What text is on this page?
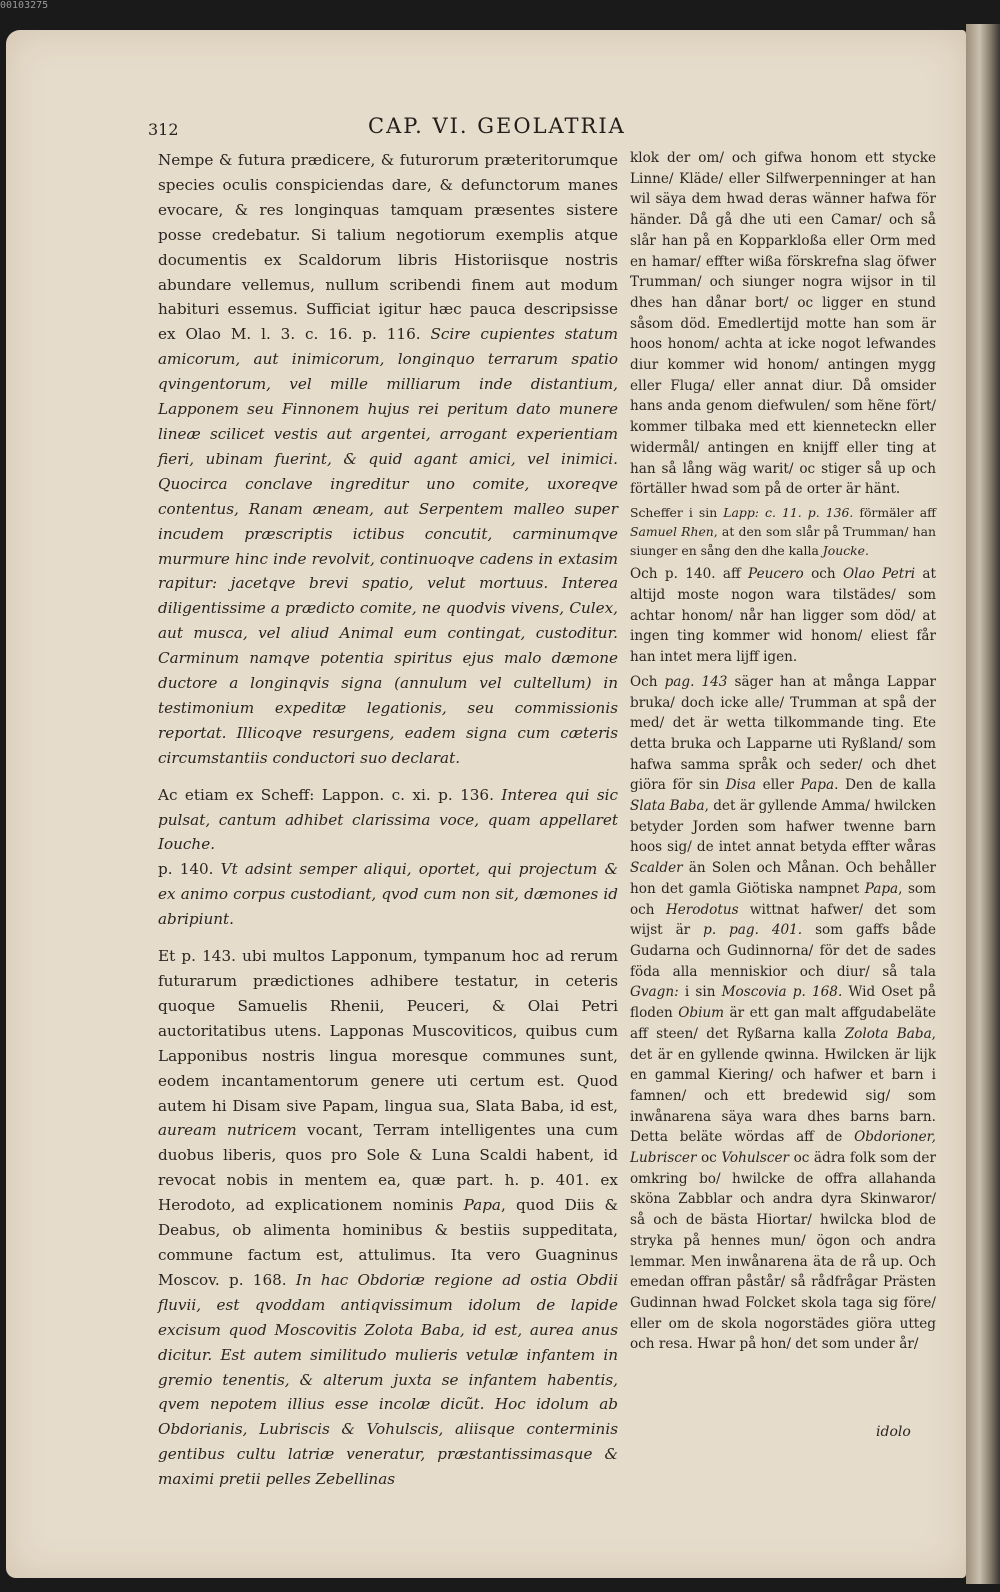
00103275
312	CAP. VI. GEOLATRIA

Nempe & futura prædicere, & futurorum præteritorumque species oculis conspiciendas dare, & defunctorum manes evocare, & res longinquas tamquam præsentes sistere posse credebatur. Si talium negotiorum exemplis atque documentis ex Scaldorum libris Historiisque nostris abundare vellemus, nullum scribendi finem aut modum habituri essemus. Sufficiat igitur hæc pauca descripsisse ex Olao M. l. 3. c. 16. p. 116. Scire cupientes statum amicorum, aut inimicorum, longinquo terrarum spatio qvingentorum, vel mille milliarum inde distantium, Lapponem seu Finnonem hujus rei peritum dato munere lineæ scilicet vestis aut argentei, arrogant experientiam fieri, ubinam fuerint, & quid agant amici, vel inimici. Quocirca conclave ingreditur uno comite, uxoreqve contentus, Ranam æneam, aut Serpentem malleo super incudem præscriptis ictibus concutit, carminumqve murmure hinc inde revolvit, continuoqve cadens in extasim rapitur: jacetqve brevi spatio, velut mortuus. Interea diligentissime a prædicto comite, ne quodvis vivens, Culex, aut musca, vel aliud Animal eum contingat, custoditur. Carminum namqve potentia spiritus ejus malo dæmone ductore a longinqvis signa (annulum vel cultellum) in testimonium expeditæ legationis, seu commissionis reportat. Illicoqve resurgens, eadem signa cum cæteris circumstantiis conductori suo declarat.

Ac etiam ex Scheff: Lappon. c. xi. p. 136. Interea qui sic pulsat, cantum adhibet clarissima voce, quam appellaret Iouche.

p. 140. Vt adsint semper aliqui, oportet, qui projectum & ex animo corpus custodiant, qvod cum non sit, dæmones id abripiunt.

Et p. 143. ubi multos Lapponum, tympanum hoc ad rerum futurarum prædictiones adhibere testatur, in ceteris quoque Samuelis Rhenii, Peuceri, & Olai Petri auctoritatibus utens. Lapponas Muscoviticos, quibus cum Lapponibus nostris lingua moresque communes sunt, eodem incantamentorum genere uti certum est. Quod autem hi Disam sive Papam, lingua sua, Slata Baba, id est, auream nutricem vocant, Terram intelligentes una cum duobus liberis, quos pro Sole & Luna Scaldi habent, id revocat nobis in mentem ea, quæ part. h. p. 401. ex Herodoto, ad explicationem nominis Papa, quod Diis & Deabus, ob alimenta hominibus & bestiis suppeditata, commune factum est, attulimus. Ita vero Guagninus Moscov. p. 168. In hac Obdoriæ regione ad ostia Obdii fluvii, est qvoddam antiqvissimum idolum de lapide excisum quod Moscovitis Zolota Baba, id est, aurea anus dicitur. Est autem similitudo mulieris vetulæ infantem in gremio tenentis, & alterum juxta se infantem habentis, qvem nepotem illius esse incolæ dicũt. Hoc idolum ab Obdorianis, Lubriscis & Vohulscis, aliisque conterminis gentibus cultu latriæ veneratur, præstantissimasque & maximi pretii pelles Zebellinas

klok der om/ och gifwa honom ett stycke Linne/ Kläde/ eller Silfwerpenninger at han wil säya dem hwad deras wänner hafwa för händer. Då gå dhe uti een Camar/ och så slår han på en Kopparkloßa eller Orm med en hamar/ effter wißa förskrefna slag öfwer Trumman/ och siunger nogra wijsor in til dhes han dånar bort/ oc ligger en stund såsom död. Emedlertijd motte han som är hoos honom/ achta at icke nogot lefwandes diur kommer wid honom/ antingen mygg eller Fluga/ eller annat diur. Då omsider hans anda genom diefwulen/ som hẽne fört/ kommer tilbaka med ett kienneteckn eller widermål/ antingen en knijff eller ting at han så lång wäg warit/ oc stiger så up och förtäller hwad som på de orter är hänt.

Scheffer i sin Lapp: c. 11. p. 136. förmäler aff Samuel Rhen, at den som slår på Trumman/ han siunger en sång den dhe kalla Joucke.

Och p. 140. aff Peucero och Olao Petri at altijd moste nogon wara tilstädes/ som achtar honom/ når han ligger som död/ at ingen ting kommer wid honom/ eliest får han intet mera lijff igen.

Och pag. 143 säger han at många Lappar bruka/ doch icke alle/ Trumman at spå der med/ det är wetta tilkommande ting. Ete detta bruka och Lapparne uti Ryßland/ som hafwa samma språk och seder/ och dhet giöra för sin Disa eller Papa. Den de kalla Slata Baba, det är gyllende Amma/ hwilcken betyder Jorden som hafwer twenne barn hoos sig/ de intet annat betyda effter wåras Scalder än Solen och Månan. Och behåller hon det gamla Giötiska nampnet Papa, som och Herodotus wittnat hafwer/ det som wijst är p. pag. 401. som gaffs både Gudarna och Gudinnorna/ för det de sades föda alla menniskior och diur/ så tala Gvagn: i sin Moscovia p. 168. Wid Oset på floden Obium är ett gan malt affgudabeläte aff steen/ det Ryßarna kalla Zolota Baba, det är en gyllende qwinna. Hwilcken är lijk en gammal Kiering/ och hafwer et barn i famnen/ och ett bredewid sig/ som inwånarena säya wara dhes barns barn. Detta beläte wördas aff de Obdorioner, Lubriscer oc Vohulscer oc ädra folk som der omkring bo/ hwilcke de offra allahanda sköna Zabblar och andra dyra Skinwaror/ så och de bästa Hiortar/ hwilcka blod de stryka på hennes mun/ ögon och andra lemmar. Men inwånarena äta de rå up. Och emedan offran påstår/ så rådfrågar Prästen Gudinnan hwad Folcket skola taga sig före/ eller om de skola nogorstädes giöra utteg och resa. Hwar på hon/ det som under år/

idolo
